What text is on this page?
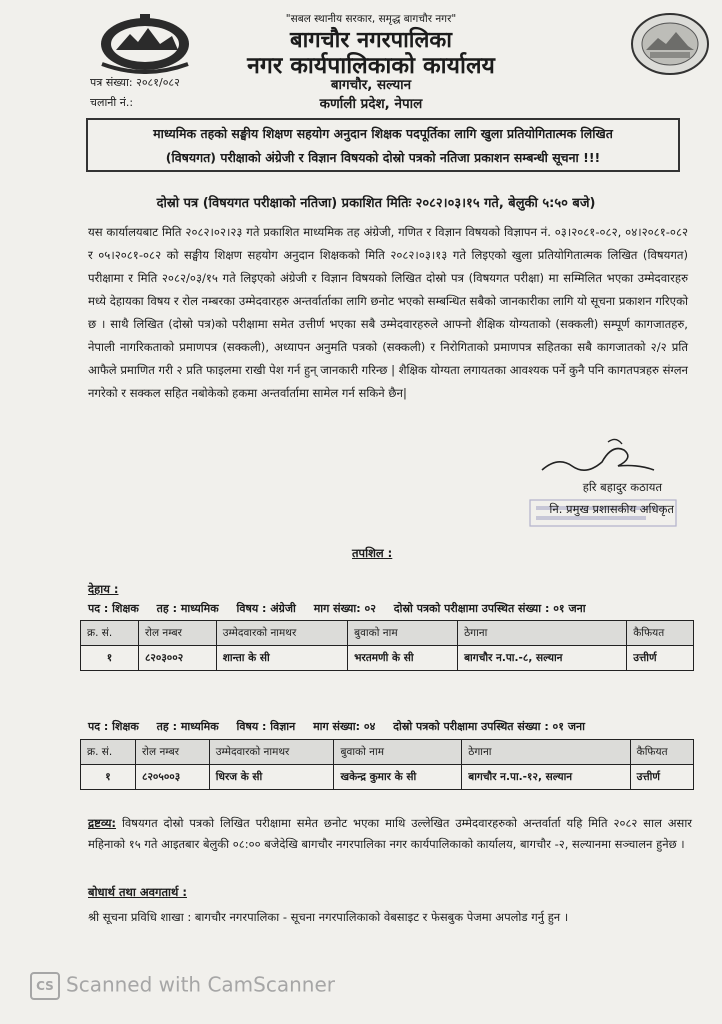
"सबल स्थानीय सरकार, समृद्ध बागचौर नगर"
बागचौर नगरपालिका
नगर कार्यपालिकाको कार्यालय
बागचौर, सल्यान
कर्णाली प्रदेश, नेपाल
पत्र संख्या: २०८१/०८२
चलानी नं.:
माध्यमिक तहको सङ्घीय शिक्षण सहयोग अनुदान शिक्षक पदपूर्तिका लागि खुला प्रतियोगितात्मक लिखित
(विषयगत) परीक्षाको अंग्रेजी र विज्ञान विषयको दोस्रो पत्रको नतिजा प्रकाशन सम्बन्धी सूचना !!!
दोस्रो पत्र (विषयगत परीक्षाको नतिजा) प्रकाशित मितिः २०८२।०३।१५ गते, बेलुकी ५:५० बजे)
यस कार्यालयबाट मिति २०८२।०२।२३ गते प्रकाशित माध्यमिक तह अंग्रेजी, गणित र विज्ञान विषयको विज्ञापन नं. ०३।२०८१-०८२, ०४।२०८१-०८२ र ०५।२०८१-०८२ को सङ्घीय शिक्षण सहयोग अनुदान शिक्षकको मिति २०८२।०३।१३ गते लिइएको खुला प्रतियोगितात्मक लिखित (विषयगत) परीक्षामा र मिति २०८२/०३/१५ गते लिइएको अंग्रेजी र विज्ञान विषयको लिखित दोस्रो पत्र (विषयगत परीक्षा) मा सम्मिलित भएका उम्मेदवारहरु मध्ये देहायका विषय र रोल नम्बरका उम्मेदवारहरु अन्तर्वार्ताका लागि छनोट भएको सम्बन्धित सबैको जानकारीका लागि यो सूचना प्रकाशन गरिएको छ । साथै लिखित (दोस्रो पत्र)को परीक्षामा समेत उत्तीर्ण भएका सबै उम्मेदवारहरुले आफ्नो शैक्षिक योग्यताको (सक्कली) सम्पूर्ण कागजातहरु, नेपाली नागरिकताको प्रमाणपत्र (सक्कली), अध्यापन अनुमति पत्रको (सक्कली) र निरोगिताको प्रमाणपत्र सहितका सबै कागजातको २/२ प्रति आफैले प्रमाणित गरी २ प्रति फाइलमा राखी पेश गर्न हुन् जानकारी गरिन्छ | शैक्षिक योग्यता लगायतका आवश्यक पर्ने कुनै पनि कागतपत्रहरु संग्लन नगरेको र सक्कल सहित नबोकेको हकमा अन्तर्वार्तामा सामेल गर्न सकिने छैन|
हरि बहादुर कठायत
नि. प्रमुख प्रशासकीय अधिकृत
तपशिल :
देहाय :
पद : शिक्षक तह : माध्यमिक विषय : अंग्रेजी माग संख्या: ०२ दोस्रो पत्रको परीक्षामा उपस्थित संख्या : ०१ जना
क्र. सं.	रोल नम्बर	उम्मेदवारको नामथर	बुवाको नाम	ठेगाना	कैफियत
१	८२०३००२	शान्ता के सी	भरतमणी के सी	बागचौर न.पा.-८, सल्यान	उत्तीर्ण
पद : शिक्षक तह : माध्यमिक विषय : विज्ञान माग संख्या: ०४ दोस्रो पत्रको परीक्षामा उपस्थित संख्या : ०१ जना
क्र. सं.	रोल नम्बर	उम्मेदवारको नामथर	बुवाको नाम	ठेगाना	कैफियत
१	८२०५००३	धिरज के सी	खकेन्द्र कुमार के सी	बागचौर न.पा.-१२, सल्यान	उत्तीर्ण
द्रष्टव्य: विषयगत दोस्रो पत्रको लिखित परीक्षामा समेत छनोट भएका माथि उल्लेखित उम्मेदवारहरुको अन्तर्वार्ता यहि मिति २०८२ साल असार महिनाको १५ गते आइतबार बेलुकी ०८:०० बजेदेखि बागचौर नगरपालिका नगर कार्यपालिकाको कार्यालय, बागचौर -२, सल्यानमा सञ्चालन हुनेछ ।
बोधार्थ तथा अवगतार्थ :
श्री सूचना प्रविधि शाखा : बागचौर नगरपालिका - सूचना नगरपालिकाको वेबसाइट र फेसबुक पेजमा अपलोड गर्नु हुन ।
CS Scanned with CamScanner
